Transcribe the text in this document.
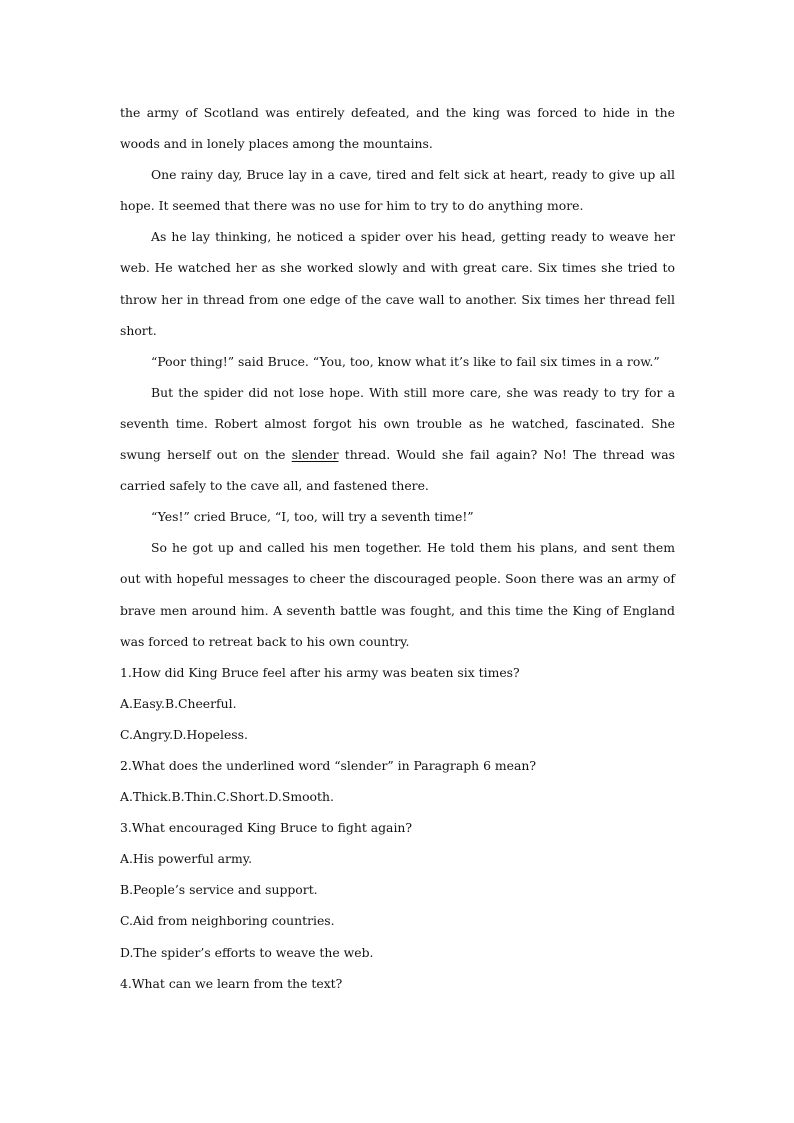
the army of Scotland was entirely defeated, and the king was forced to hide in the woods and in lonely places among the mountains.

One rainy day, Bruce lay in a cave, tired and felt sick at heart, ready to give up all hope. It seemed that there was no use for him to try to do anything more.

As he lay thinking, he noticed a spider over his head, getting ready to weave her web. He watched her as she worked slowly and with great care. Six times she tried to throw her in thread from one edge of the cave wall to another. Six times her thread fell short.

“Poor thing!” said Bruce. “You, too, know what it’s like to fail six times in a row.”

But the spider did not lose hope. With still more care, she was ready to try for a seventh time. Robert almost forgot his own trouble as he watched, fascinated. She swung herself out on the slender thread. Would she fail again? No! The thread was carried safely to the cave all, and fastened there.

“Yes!” cried Bruce, “I, too, will try a seventh time!”

So he got up and called his men together. He told them his plans, and sent them out with hopeful messages to cheer the discouraged people. Soon there was an army of brave men around him. A seventh battle was fought, and this time the King of England was forced to retreat back to his own country.

1.How did King Bruce feel after his army was beaten six times?

A.Easy.B.Cheerful.

C.Angry.D.Hopeless.

2.What does the underlined word “slender” in Paragraph 6 mean?

A.Thick.B.Thin.C.Short.D.Smooth.

3.What encouraged King Bruce to fight again?

A.His powerful army.

B.People’s service and support.

C.Aid from neighboring countries.

D.The spider’s efforts to weave the web.

4.What can we learn from the text?
